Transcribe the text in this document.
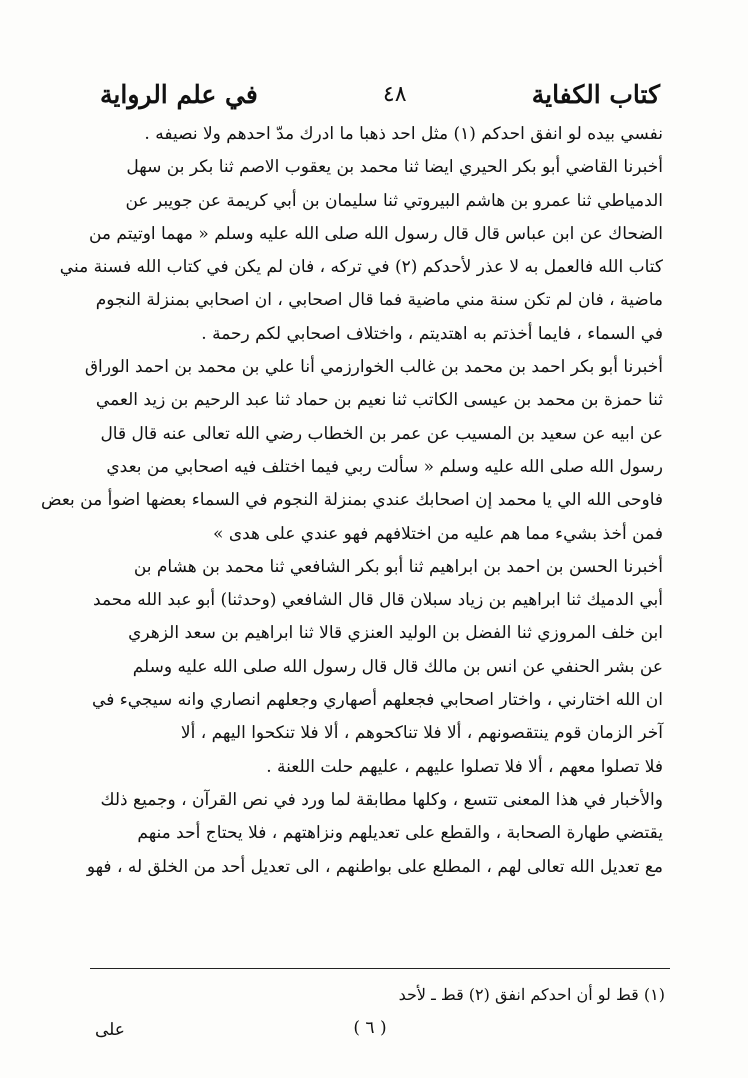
كتاب الكفاية
٤٨
في علم الرواية
نفسي بيده لو انفق احدكم (١) مثل احد ذهبا ما ادرك مدّ احدهم ولا نصيفه .
أخبرنا القاضي أبو بكر الحيري ايضا ثنا محمد بن يعقوب الاصم ثنا بكر بن سهل
الدمياطي ثنا عمرو بن هاشم البيروتي ثنا سليمان بن أبي كريمة عن جويبر عن
الضحاك عن ابن عباس قال قال رسول الله صلى الله عليه وسلم « مهما اوتيتم من
كتاب الله فالعمل به لا عذر لأحدكم (٢) في تركه ، فان لم يكن في كتاب الله فسنة مني
ماضية ، فان لم تكن سنة مني ماضية فما قال اصحابي ، ان اصحابي بمنزلة النجوم
في السماء ، فايما أخذتم به اهتديتم ، واختلاف اصحابي لكم رحمة .
أخبرنا أبو بكر احمد بن محمد بن غالب الخوارزمي أنا علي بن محمد بن احمد الوراق
ثنا حمزة بن محمد بن عيسى الكاتب ثنا نعيم بن حماد ثنا عبد الرحيم بن زيد العمي
عن ابيه عن سعيد بن المسيب عن عمر بن الخطاب رضي الله تعالى عنه قال قال
رسول الله صلى الله عليه وسلم « سألت ربي فيما اختلف فيه اصحابي من بعدي
فاوحى الله الي يا محمد إن اصحابك عندي بمنزلة النجوم في السماء بعضها اضوأ من بعض
فمن أخذ بشيء مما هم عليه من اختلافهم فهو عندي على هدى »
أخبرنا الحسن بن احمد بن ابراهيم ثنا أبو بكر الشافعي ثنا محمد بن هشام بن
أبي الدميك ثنا ابراهيم بن زياد سبلان قال قال الشافعي (وحدثنا) أبو عبد الله محمد
ابن خلف المروزي ثنا الفضل بن الوليد العنزي قالا ثنا ابراهيم بن سعد الزهري
عن بشر الحنفي عن انس بن مالك قال قال رسول الله صلى الله عليه وسلم
ان الله اختارني ، واختار اصحابي فجعلهم أصهاري وجعلهم انصاري وانه سيجيء في
آخر الزمان قوم ينتقصونهم ، ألا فلا تناكحوهم ، ألا فلا تنكحوا اليهم ، ألا
فلا تصلوا معهم ، ألا فلا تصلوا عليهم ، عليهم حلت اللعنة .
والأخبار في هذا المعنى تتسع ، وكلها مطابقة لما ورد في نص القرآن ، وجميع ذلك
يقتضي طهارة الصحابة ، والقطع على تعديلهم ونزاهتهم ، فلا يحتاج أحد منهم
مع تعديل الله تعالى لهم ، المطلع على بواطنهم ، الى تعديل أحد من الخلق له ، فهو
(١) قط لو أن احدكم انفق (٢) قط ـ لأحد
( ٦ )
على
